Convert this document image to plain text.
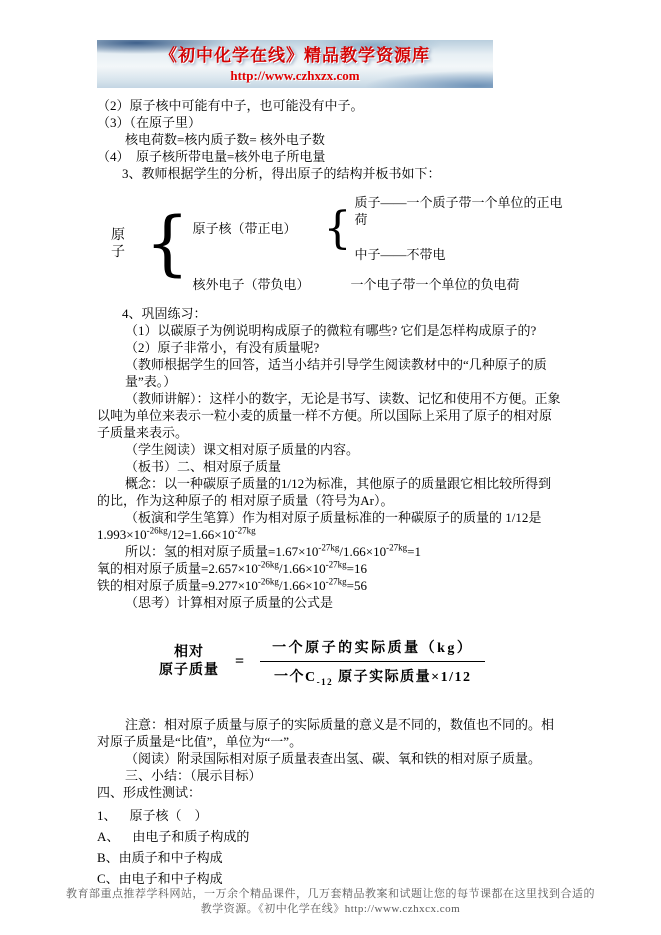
《初中化学在线》精品教学资源库
http://www.czhxzx.com

（2）原子核中可能有中子，也可能没有中子。

（3）（在原子里）

核电荷数=核内质子数= 核外电子数

（4）  原子核所带电量=核外电子所电量

3、教师根据学生的分析，得出原子的结构并板书如下：

原子 { 原子核（带正电） {
质子——一个质子带一个单位的正电荷
中子——不带电
核外电子（带负电）	一个电子带一个单位的负电荷

4、巩固练习：

（1）以碳原子为例说明构成原子的微粒有哪些? 它们是怎样构成原子的?

（2）原子非常小，有没有质量呢?

（教师根据学生的回答，适当小结并引导学生阅读教材中的“几种原子的质量”表。）

（教师讲解）：这样小的数字，无论是书写、读数、记忆和使用不方便。正象以吨为单位来表示一粒小麦的质量一样不方便。所以国际上采用了原子的相对原子质量来表示。

（学生阅读）课文相对原子质量的内容。

（板书）二、相对原子质量

概念：以一种碳原子质量的1/12为标准，其他原子的质量跟它相比较所得到的比，作为这种原子的 相对原子质量（符号为Ar）。

（板演和学生笔算）作为相对原子质量标准的一种碳原子的质量的 1/12是$1.993\times 10^{-26kg}/12=1.66\times 10^{-27kg}$

所以：氢的相对原子质量$=1.67\times 10^{-27kg}/1.66\times 10^{-27kg}=1$

氧的相对原子质量$=2.657\times 10^{-26kg}/1.66\times 10^{-27kg}=16$

铁的相对原子质量$=9.277\times 10^{-26kg}/1.66\times 10^{-27kg}=56$

（思考）计算相对原子质量的公式是

相对
原子质量
= $\frac{\text{一个原子的实际质量（kg）}}{一个C_{-12} 原子实际质量\times 1/12}$

注意：相对原子质量与原子的实际质量的意义是不同的，数值也不同的。相对原子质量是“比值”，单位为“一”。

（阅读）附录国际相对原子质量表查出氢、碳、氧和铁的相对原子质量。

三、小结：（展示目标）

四、形成性测试：

1、    原子核（    ）

A、    由电子和质子构成的

B、由质子和中子构成

C、由电子和中子构成

教育部重点推荐学科网站，一万余个精品课件，几万套精品教案和试题让您的每节课都在这里找到合适的
教学资源。《初中化学在线》http://www.czhxcx.com
